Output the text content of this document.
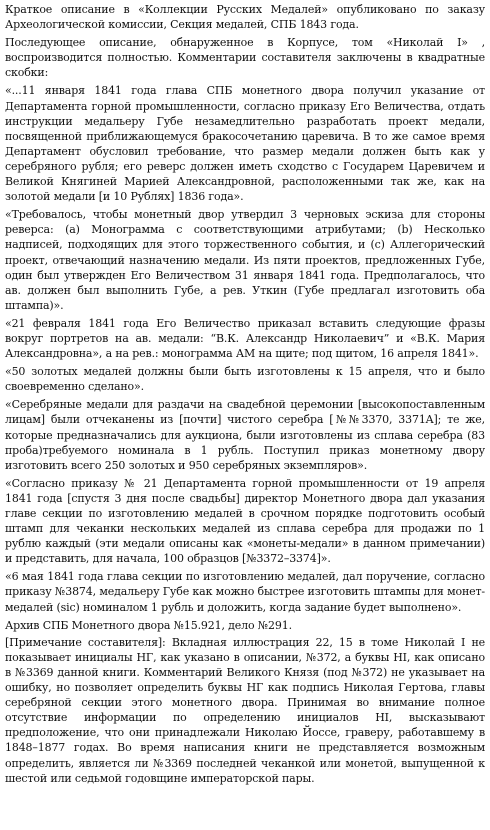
Краткое описание в «Коллекции Русских Медалей» опубликовано по заказу Археологической комиссии, Секция медалей, СПБ 1843 года.

Последующее описание, обнаруженное в Корпусе, том «Николай I» , воспроизводится полностью. Комментарии составителя заключены в квадратные скобки:

«...11 января 1841 года глава СПБ монетного двора получил указание от Департамента горной промышленности, согласно приказу Его Величества, отдать инструкции медальеру Губе незамедлительно разработать проект медали, посвященной приближающемуся бракосочетанию царевича. В то же самое время Департамент обусловил требование, что размер медали должен быть как у серебряного рубля; его реверс должен иметь сходство с Государем Царевичем и Великой Княгиней Марией Александровной, расположенными так же, как на золотой медали [и 10 Рублях] 1836 года».

«Требовалось, чтобы монетный двор утвердил 3 черновых эскиза для стороны реверса: (a) Монограмма с соответствующими атрибутами; (b) Несколько надписей, подходящих для этого торжественного события, и (c) Аллегорический проект, отвечающий назначению медали. Из пяти проектов, предложенных Губе, один был утвержден Его Величеством 31 января 1841 года. Предполагалось, что ав. должен был выполнить Губе, а рев. Уткин (Губе предлагал изготовить оба штампа)».

«21 февраля 1841 года Его Величество приказал вставить следующие фразы вокруг портретов на ав. медали: “В.К. Александр Николаевич” и «В.К. Мария Александровна», а на рев.: монограмма АМ на щите; под щитом, 16 апреля 1841».

«50 золотых медалей должны были быть изготовлены к 15 апреля, что и было своевременно сделано».

«Серебряные медали для раздачи на свадебной церемонии [высокопоставленным лицам] были отчеканены из [почти] чистого серебра [№№3370, 3371A]; те же, которые предназначались для аукциона, были изготовлены из сплава серебра (83 проба)требуемого номинала в 1 рубль. Поступил приказ монетному двору изготовить всего 250 золотых и 950 серебряных экземпляров».

«Согласно приказу № 21 Департамента горной промышленности от 19 апреля 1841 года [спустя 3 дня после свадьбы] директор Монетного двора дал указания главе секции по изготовлению медалей в срочном порядке подготовить особый штамп для чеканки нескольких медалей из сплава серебра для продажи по 1 рублю каждый (эти медали описаны как «монеты-медали» в данном примечании) и представить, для начала, 100 образцов [№3372–3374]».

«6 мая 1841 года глава секции по изготовлению медалей, дал поручение, согласно приказу №3874, медальеру Губе как можно быстрее изготовить штампы для монет-медалей (sic) номиналом 1 рубль и доложить, когда задание будет выполнено».

Архив СПБ Монетного двора №15.921, дело №291.

[Примечание составителя]: Вкладная иллюстрация 22, 15 в томе Николай I не показывает инициалы НГ, как указано в описании, №372, а буквы НI, как описано в №3369 данной книги. Комментарий Великого Князя (под №372) не указывает на ошибку, но позволяет определить буквы НГ как подпись Николая Гертова, главы серебряной секции этого монетного двора. Принимая во внимание полное отсутствие информации по определению инициалов НI, высказывают предположение, что они принадлежали Николаю Йоссе, граверу, работавшему в 1848–1877 годах. Во время написания книги не представляется возможным определить, является ли №3369 последней чеканкой или монетой, выпущенной к шестой или седьмой годовщине императорской пары.
